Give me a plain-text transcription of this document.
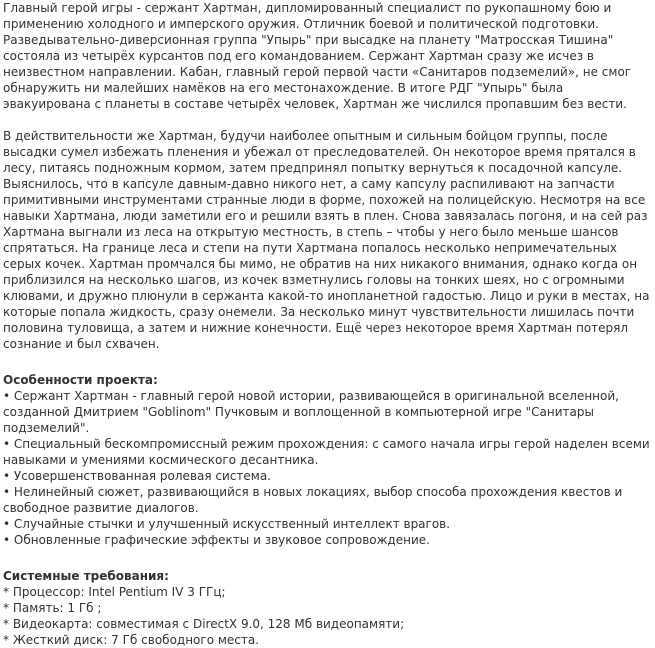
Главный герой игры - сержант Хартман, дипломированный специалист по рукопашному бою и применению холодного и имперского оружия. Отличник боевой и политической подготовки. Разведывательно-диверсионная группа "Упырь" при высадке на планету "Матросская Тишина" состояла из четырёх курсантов под его командованием. Сержант Хартман сразу же исчез в неизвестном направлении. Кабан, главный герой первой части «Санитаров подземелий», не смог обнаружить ни малейших намёков на его местонахождение. В итоге РДГ "Упырь" была эвакуирована с планеты в составе четырёх человек, Хартман же числился пропавшим без вести.

В действительности же Хартман, будучи наиболее опытным и сильным бойцом группы, после высадки сумел избежать пленения и убежал от преследователей. Он некоторое время прятался в лесу, питаясь подножным кормом, затем предпринял попытку вернуться к посадочной капсуле. Выяснилось, что в капсуле давным-давно никого нет, а саму капсулу распиливают на запчасти примитивными инструментами странные люди в форме, похожей на полицейскую. Несмотря на все навыки Хартмана, люди заметили его и решили взять в плен. Снова завязалась погоня, и на сей раз Хартмана выгнали из леса на открытую местность, в степь – чтобы у него было меньше шансов спрятаться. На границе леса и степи на пути Хартмана попалось несколько непримечательных серых кочек. Хартман промчался бы мимо, не обратив на них никакого внимания, однако когда он приблизился на несколько шагов, из кочек взметнулись головы на тонких шеях, но с огромными клювами, и дружно плюнули в сержанта какой-то инопланетной гадостью. Лицо и руки в местах, на которые попала жидкость, сразу онемели. За несколько минут чувствительности лишилась почти половина туловища, а затем и нижние конечности. Ещё через некоторое время Хартман потерял сознание и был схвачен.

Особенности проекта:

• Сержант Хартман - главный герой новой истории, развивающейся в оригинальной вселенной, созданной Дмитрием "Goblinom" Пучковым и воплощенной в компьютерной игре "Санитары подземелий".

• Специальный бескомпромиссный режим прохождения: с самого начала игры герой наделен всеми навыками и умениями космического десантника.

• Усовершенствованная ролевая система.

• Нелинейный сюжет, развивающийся в новых локациях, выбор способа прохождения квестов и свободное развитие диалогов.

• Случайные стычки и улучшенный искусственный интеллект врагов.

• Обновленные графические эффекты и звуковое сопровождение.

Системные требования:

* Процессор: Intel Pentium IV 3 ГГц;

* Память: 1 Гб ;

* Видеокарта: совместимая с DirectX 9.0, 128 Мб видеопамяти;

* Жесткий диск: 7 Гб свободного места.
